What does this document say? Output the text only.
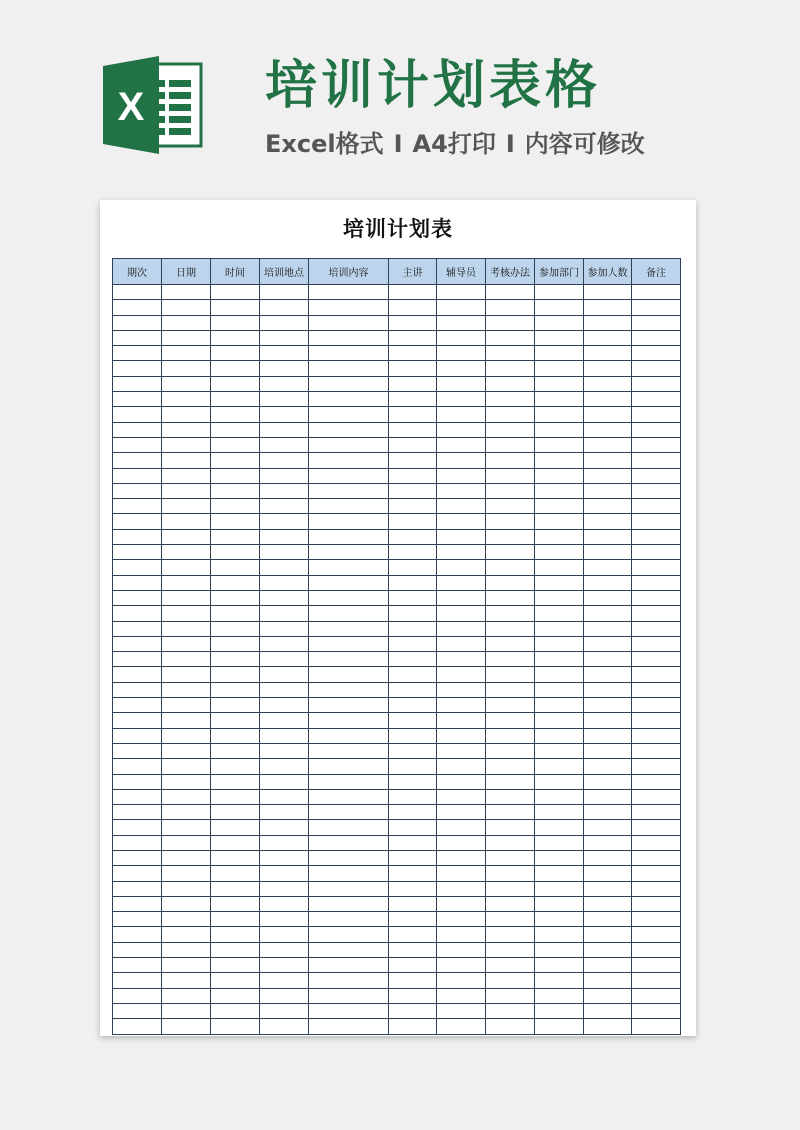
X 培训计划表格
Excel格式 I A4打印 I 内容可修改
培训计划表
期次	日期	时间	培训地点	培训内容	主讲	辅导员	考核办法	参加部门	参加人数	备注
